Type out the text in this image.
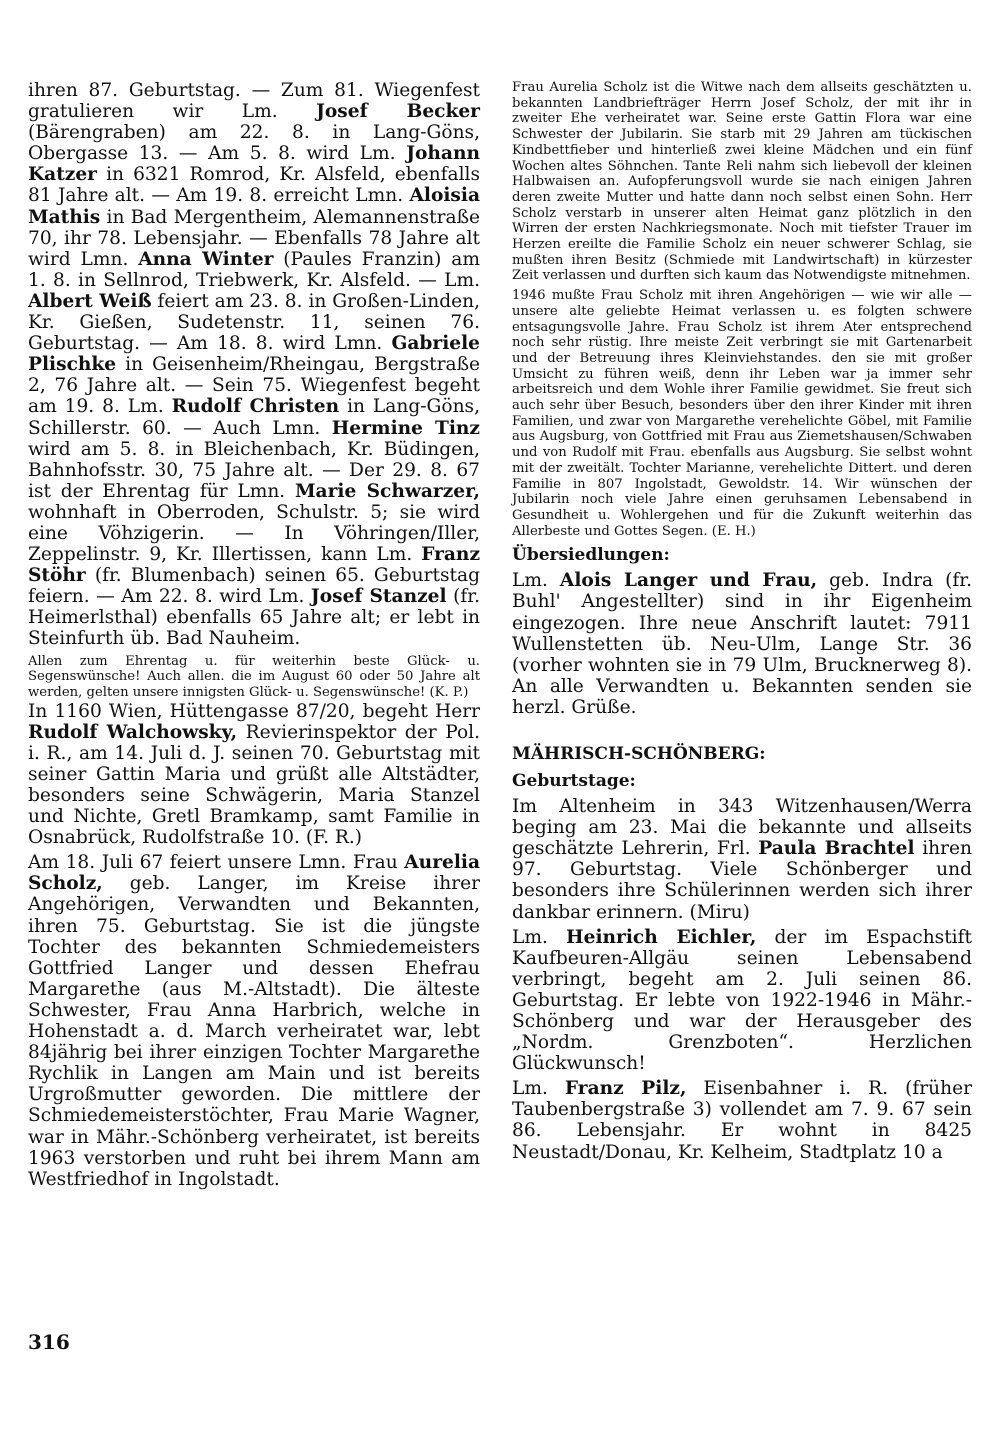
ihren 87. Geburtstag. — Zum 81. Wiegenfest gratulieren wir Lm. Josef Becker (Bärengraben) am 22. 8. in Lang-Göns, Obergasse 13. — Am 5. 8. wird Lm. Johann Katzer in 6321 Romrod, Kr. Alsfeld, ebenfalls 81 Jahre alt. — Am 19. 8. erreicht Lmn. Aloisia Mathis in Bad Mergentheim, Alemannenstraße 70, ihr 78. Lebensjahr. — Ebenfalls 78 Jahre alt wird Lmn. Anna Winter (Paules Franzin) am 1. 8. in Sellnrod, Triebwerk, Kr. Alsfeld. — Lm. Albert Weiß feiert am 23. 8. in Großen-Linden, Kr. Gießen, Sudetenstr. 11, seinen 76. Geburtstag. — Am 18. 8. wird Lmn. Gabriele Plischke in Geisenheim/Rheingau, Bergstraße 2, 76 Jahre alt. — Sein 75. Wiegenfest begeht am 19. 8. Lm. Rudolf Christen in Lang-Göns, Schillerstr. 60. — Auch Lmn. Hermine Tinz wird am 5. 8. in Bleichenbach, Kr. Büdingen, Bahnhofsstr. 30, 75 Jahre alt. — Der 29. 8. 67 ist der Ehrentag für Lmn. Marie Schwarzer, wohnhaft in Oberroden, Schulstr. 5; sie wird eine Vöhzigerin. — In Vöhringen/Iller, Zeppelinstr. 9, Kr. Illertissen, kann Lm. Franz Stöhr (fr. Blumenbach) seinen 65. Geburtstag feiern. — Am 22. 8. wird Lm. Josef Stanzel (fr. Heimerlsthal) ebenfalls 65 Jahre alt; er lebt in Steinfurth üb. Bad Nauheim.

Allen zum Ehrentag u. für weiterhin beste Glück- u. Segenswünsche! Auch allen. die im August 60 oder 50 Jahre alt werden, gelten unsere innigsten Glück- u. Segenswünsche! (K. P.)

In 1160 Wien, Hüttengasse 87/20, begeht Herr Rudolf Walchowsky, Revierinspektor der Pol. i. R., am 14. Juli d. J. seinen 70. Geburtstag mit seiner Gattin Maria und grüßt alle Altstädter, besonders seine Schwägerin, Maria Stanzel und Nichte, Gretl Bramkamp, samt Familie in Osnabrück, Rudolfstraße 10. (F. R.)

Am 18. Juli 67 feiert unsere Lmn. Frau Aurelia Scholz, geb. Langer, im Kreise ihrer Angehörigen, Verwandten und Bekannten, ihren 75. Geburtstag. Sie ist die jüngste Tochter des bekannten Schmiedemeisters Gottfried Langer und dessen Ehefrau Margarethe (aus M.-Altstadt). Die älteste Schwester, Frau Anna Harbrich, welche in Hohenstadt a. d. March verheiratet war, lebt 84jährig bei ihrer einzigen Tochter Margarethe Rychlik in Langen am Main und ist bereits Urgroßmutter geworden. Die mittlere der Schmiedemeisterstöchter, Frau Marie Wagner, war in Mähr.-Schönberg verheiratet, ist bereits 1963 verstorben und ruht bei ihrem Mann am Westfriedhof in Ingolstadt.

Frau Aurelia Scholz ist die Witwe nach dem allseits geschätzten u. bekannten Landbriefträger Herrn Josef Scholz, der mit ihr in zweiter Ehe verheiratet war. Seine erste Gattin Flora war eine Schwester der Jubilarin. Sie starb mit 29 Jahren am tückischen Kindbettfieber und hinterließ zwei kleine Mädchen und ein fünf Wochen altes Söhnchen. Tante Reli nahm sich liebevoll der kleinen Halbwaisen an. Aufopferungsvoll wurde sie nach einigen Jahren deren zweite Mutter und hatte dann noch selbst einen Sohn. Herr Scholz verstarb in unserer alten Heimat ganz plötzlich in den Wirren der ersten Nachkriegsmonate. Noch mit tiefster Trauer im Herzen ereilte die Familie Scholz ein neuer schwerer Schlag, sie mußten ihren Besitz (Schmiede mit Landwirtschaft) in kürzester Zeit verlassen und durften sich kaum das Notwendigste mitnehmen.

1946 mußte Frau Scholz mit ihren Angehörigen — wie wir alle — unsere alte geliebte Heimat verlassen u. es folgten schwere entsagungsvolle Jahre. Frau Scholz ist ihrem Ater entsprechend noch sehr rüstig. Ihre meiste Zeit verbringt sie mit Gartenarbeit und der Betreuung ihres Kleinviehstandes. den sie mit großer Umsicht zu führen weiß, denn ihr Leben war ja immer sehr arbeitsreich und dem Wohle ihrer Familie gewidmet. Sie freut sich auch sehr über Besuch, besonders über den ihrer Kinder mit ihren Familien, und zwar von Margarethe verehelichte Göbel, mit Familie aus Augsburg, von Gottfried mit Frau aus Ziemetshausen/Schwaben und von Rudolf mit Frau. ebenfalls aus Augsburg. Sie selbst wohnt mit der zweitält. Tochter Marianne, verehelichte Dittert. und deren Familie in 807 Ingolstadt, Gewoldstr. 14. Wir wünschen der Jubilarin noch viele Jahre einen geruhsamen Lebensabend in Gesundheit u. Wohlergehen und für die Zukunft weiterhin das Allerbeste und Gottes Segen. (E. H.)

Übersiedlungen:

Lm. Alois Langer und Frau, geb. Indra (fr. Buhl' Angestellter) sind in ihr Eigenheim eingezogen. Ihre neue Anschrift lautet: 7911 Wullenstetten üb. Neu-Ulm, Lange Str. 36 (vorher wohnten sie in 79 Ulm, Brucknerweg 8). An alle Verwandten u. Bekannten senden sie herzl. Grüße.

MÄHRISCH-SCHÖNBERG:

Geburtstage:

Im Altenheim in 343 Witzenhausen/Werra beging am 23. Mai die bekannte und allseits geschätzte Lehrerin, Frl. Paula Brachtel ihren 97. Geburtstag. Viele Schönberger und besonders ihre Schülerinnen werden sich ihrer dankbar erinnern. (Miru)

Lm. Heinrich Eichler, der im Espachstift Kaufbeuren-Allgäu seinen Lebensabend verbringt, begeht am 2. Juli seinen 86. Geburtstag. Er lebte von 1922-1946 in Mähr.-Schönberg und war der Herausgeber des „Nordm. Grenzboten“. Herzlichen Glückwunsch!

Lm. Franz Pilz, Eisenbahner i. R. (früher Taubenbergstraße 3) vollendet am 7. 9. 67 sein 86. Lebensjahr. Er wohnt in 8425 Neustadt/Donau, Kr. Kelheim, Stadtplatz 10 a

316
